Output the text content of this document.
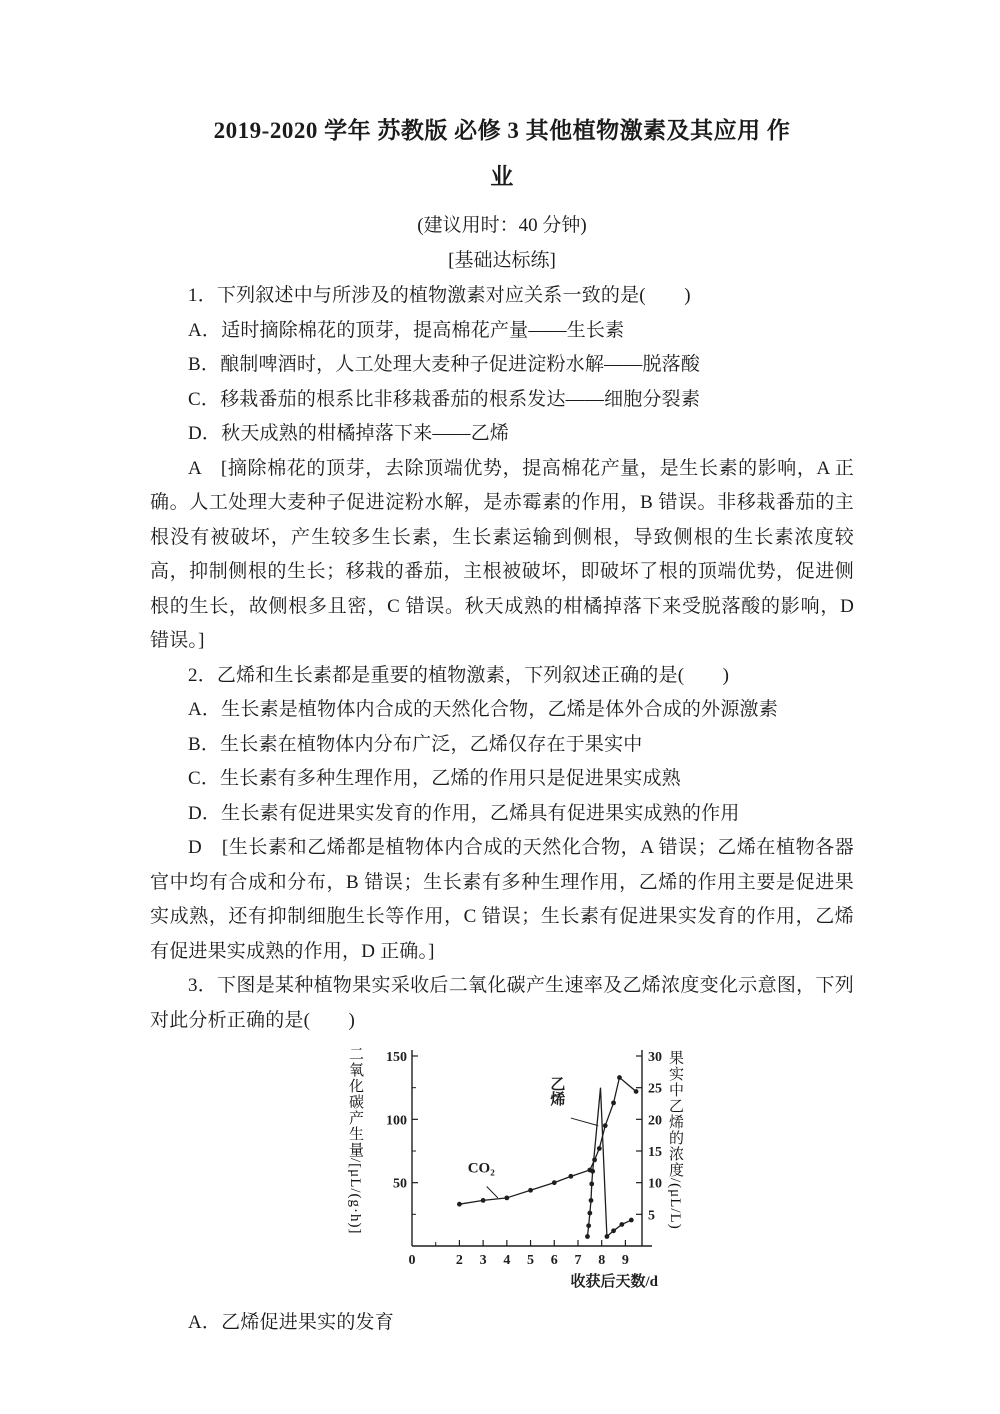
2019-2020 学年 苏教版 必修 3 其他植物激素及其应用 作
业
(建议用时：40 分钟)
[基础达标练]

1．下列叙述中与所涉及的植物激素对应关系一致的是(　　)

A．适时摘除棉花的顶芽，提高棉花产量——生长素

B．酿制啤酒时，人工处理大麦种子促进淀粉水解——脱落酸

C．移栽番茄的根系比非移栽番茄的根系发达——细胞分裂素

D．秋天成熟的柑橘掉落下来——乙烯

A　[摘除棉花的顶芽，去除顶端优势，提高棉花产量，是生长素的影响，A 正确。人工处理大麦种子促进淀粉水解，是赤霉素的作用，B 错误。非移栽番茄的主根没有被破坏，产生较多生长素，生长素运输到侧根，导致侧根的生长素浓度较高，抑制侧根的生长；移栽的番茄，主根被破坏，即破坏了根的顶端优势，促进侧根的生长，故侧根多且密，C 错误。秋天成熟的柑橘掉落下来受脱落酸的影响，D 错误。]

2．乙烯和生长素都是重要的植物激素，下列叙述正确的是(　　)

A．生长素是植物体内合成的天然化合物，乙烯是体外合成的外源激素

B．生长素在植物体内分布广泛，乙烯仅存在于果实中

C．生长素有多种生理作用，乙烯的作用只是促进果实成熟

D．生长素有促进果实发育的作用，乙烯具有促进果实成熟的作用

D　[生长素和乙烯都是植物体内合成的天然化合物，A 错误；乙烯在植物各器官中均有合成和分布，B 错误；生长素有多种生理作用，乙烯的作用主要是促进果实成熟，还有抑制细胞生长等作用，C 错误；生长素有促进果实发育的作用，乙烯有促进果实成熟的作用，D 正确。]

3．下图是某种植物果实采收后二氧化碳产生速率及乙烯浓度变化示意图，下列对此分析正确的是(　　)

二氧化碳产生量/[μL/(g·h)] 50
100
150
5
10
15
20
25
30
0	2 3 4 5 6 7 8 9
收获后天数/d
CO₂
乙烯	果实中乙烯的浓度/(μL/L)

A．乙烯促进果实的发育
